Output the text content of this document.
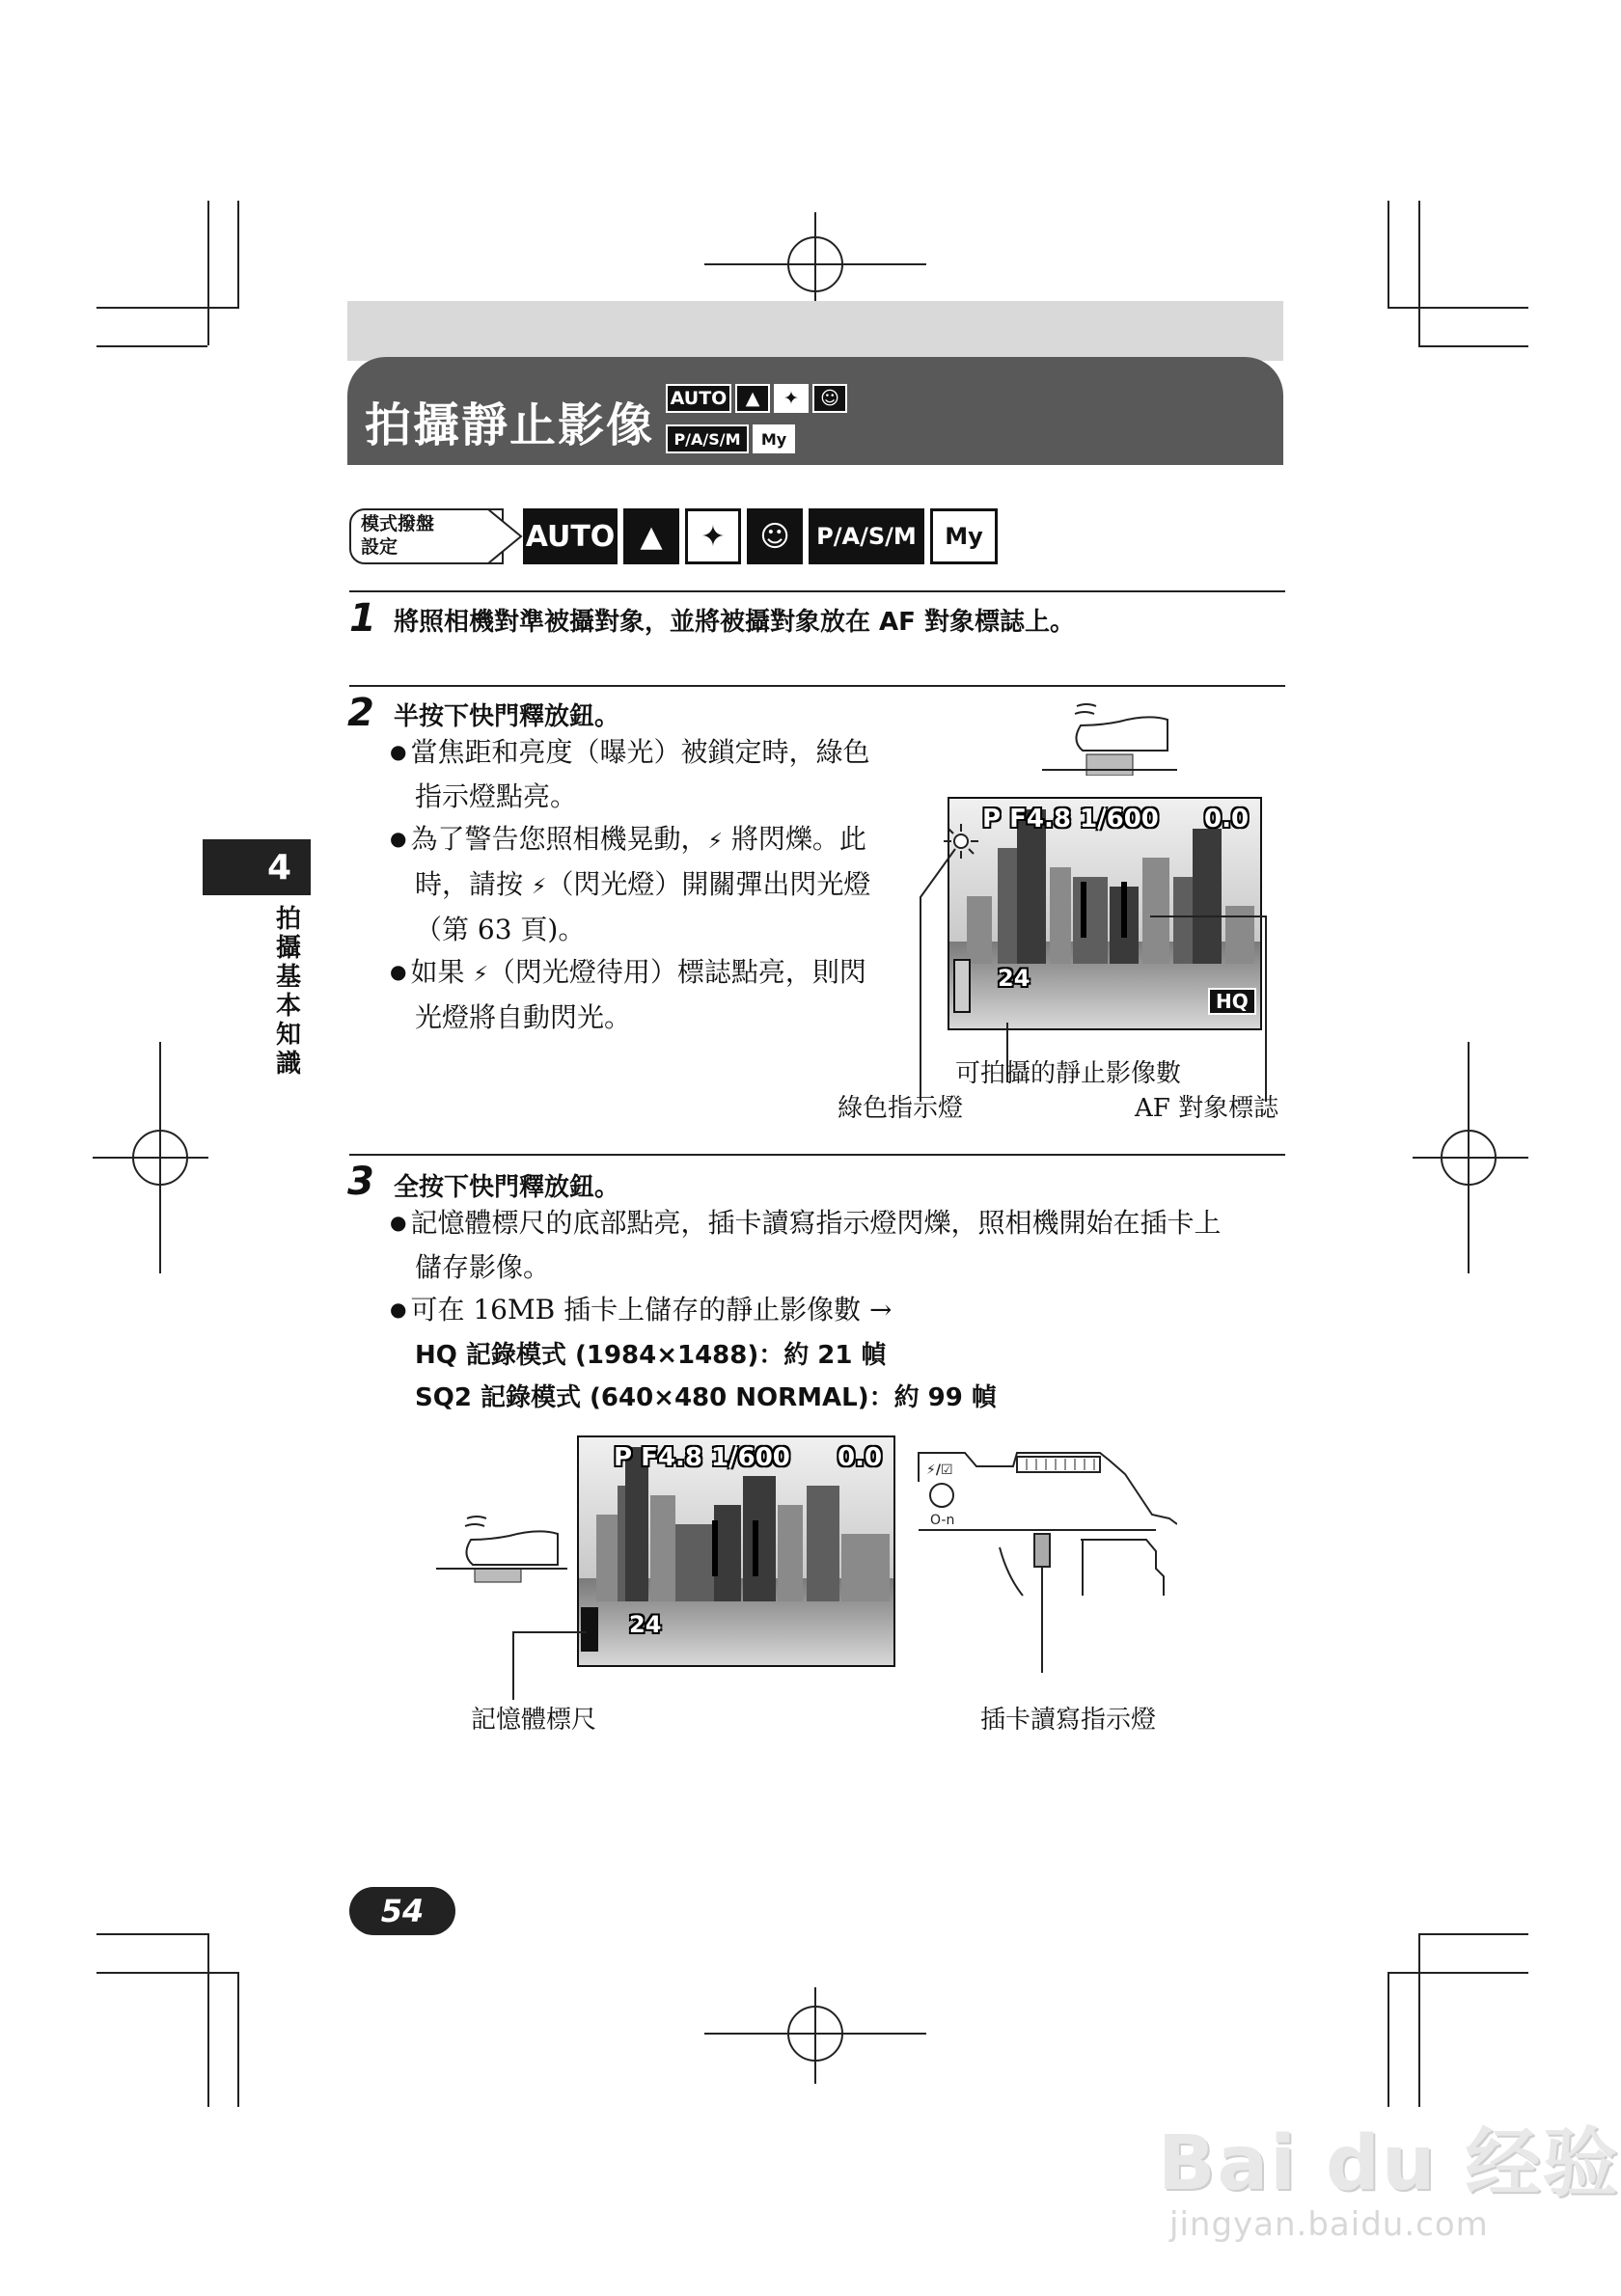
拍攝靜止影像 AUTO	▲	✦	☺
P/A/S/M	My
模式撥盤
設定	AUTO ▲	✦	☺	P/A/S/M	My
4
拍
攝
基
本
知
識
1 將照相機對準被攝對象，並將被攝對象放在 AF 對象標誌上。
2 半按下快門釋放鈕。
● 當焦距和亮度（曝光）被鎖定時，綠色
指示燈點亮。
● 為了警告您照相機晃動，⚡ 將閃爍。此
時，請按 ⚡（閃光燈）開關彈出閃光燈
（第 63 頁)。
● 如果 ⚡（閃光燈待用）標誌點亮，則閃
光燈將自動閃光。
P F4.8 1/600 0.0
24
HQ
可拍攝的靜止影像數
綠色指示燈	AF 對象標誌
3 全按下快門釋放鈕。
● 記憶體標尺的底部點亮，插卡讀寫指示燈閃爍，照相機開始在插卡上
儲存影像。
● 可在 16MB 插卡上儲存的靜止影像數 →
HQ 記錄模式 (1984×1488)：約 21 幀
SQ2 記錄模式 (640×480 NORMAL)：約 99 幀
P F4.8 1/600 0.0
24
記憶體標尺
⚡/☑
O-n
插卡讀寫指示燈
54
Bai du 经验
jingyan.baidu.com
